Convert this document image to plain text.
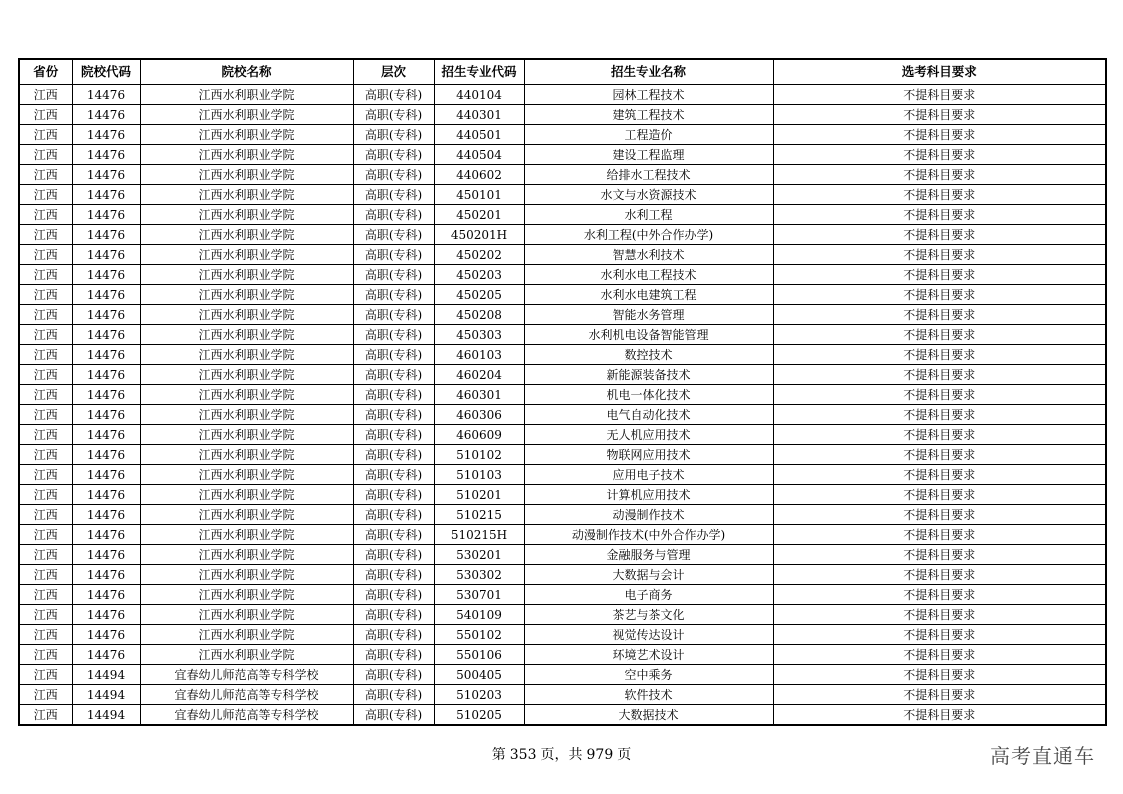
省份	院校代码	院校名称	层次	招生专业代码	招生专业名称	选考科目要求
江西	14476	江西水利职业学院	高职(专科)	440104	园林工程技术	不提科目要求
江西	14476	江西水利职业学院	高职(专科)	440301	建筑工程技术	不提科目要求
江西	14476	江西水利职业学院	高职(专科)	440501	工程造价	不提科目要求
江西	14476	江西水利职业学院	高职(专科)	440504	建设工程监理	不提科目要求
江西	14476	江西水利职业学院	高职(专科)	440602	给排水工程技术	不提科目要求
江西	14476	江西水利职业学院	高职(专科)	450101	水文与水资源技术	不提科目要求
江西	14476	江西水利职业学院	高职(专科)	450201	水利工程	不提科目要求
江西	14476	江西水利职业学院	高职(专科)	450201H	水利工程(中外合作办学)	不提科目要求
江西	14476	江西水利职业学院	高职(专科)	450202	智慧水利技术	不提科目要求
江西	14476	江西水利职业学院	高职(专科)	450203	水利水电工程技术	不提科目要求
江西	14476	江西水利职业学院	高职(专科)	450205	水利水电建筑工程	不提科目要求
江西	14476	江西水利职业学院	高职(专科)	450208	智能水务管理	不提科目要求
江西	14476	江西水利职业学院	高职(专科)	450303	水利机电设备智能管理	不提科目要求
江西	14476	江西水利职业学院	高职(专科)	460103	数控技术	不提科目要求
江西	14476	江西水利职业学院	高职(专科)	460204	新能源装备技术	不提科目要求
江西	14476	江西水利职业学院	高职(专科)	460301	机电一体化技术	不提科目要求
江西	14476	江西水利职业学院	高职(专科)	460306	电气自动化技术	不提科目要求
江西	14476	江西水利职业学院	高职(专科)	460609	无人机应用技术	不提科目要求
江西	14476	江西水利职业学院	高职(专科)	510102	物联网应用技术	不提科目要求
江西	14476	江西水利职业学院	高职(专科)	510103	应用电子技术	不提科目要求
江西	14476	江西水利职业学院	高职(专科)	510201	计算机应用技术	不提科目要求
江西	14476	江西水利职业学院	高职(专科)	510215	动漫制作技术	不提科目要求
江西	14476	江西水利职业学院	高职(专科)	510215H	动漫制作技术(中外合作办学)	不提科目要求
江西	14476	江西水利职业学院	高职(专科)	530201	金融服务与管理	不提科目要求
江西	14476	江西水利职业学院	高职(专科)	530302	大数据与会计	不提科目要求
江西	14476	江西水利职业学院	高职(专科)	530701	电子商务	不提科目要求
江西	14476	江西水利职业学院	高职(专科)	540109	茶艺与茶文化	不提科目要求
江西	14476	江西水利职业学院	高职(专科)	550102	视觉传达设计	不提科目要求
江西	14476	江西水利职业学院	高职(专科)	550106	环境艺术设计	不提科目要求
江西	14494	宜春幼儿师范高等专科学校	高职(专科)	500405	空中乘务	不提科目要求
江西	14494	宜春幼儿师范高等专科学校	高职(专科)	510203	软件技术	不提科目要求
江西	14494	宜春幼儿师范高等专科学校	高职(专科)	510205	大数据技术	不提科目要求
第 353 页，共 979 页	高考直通车
